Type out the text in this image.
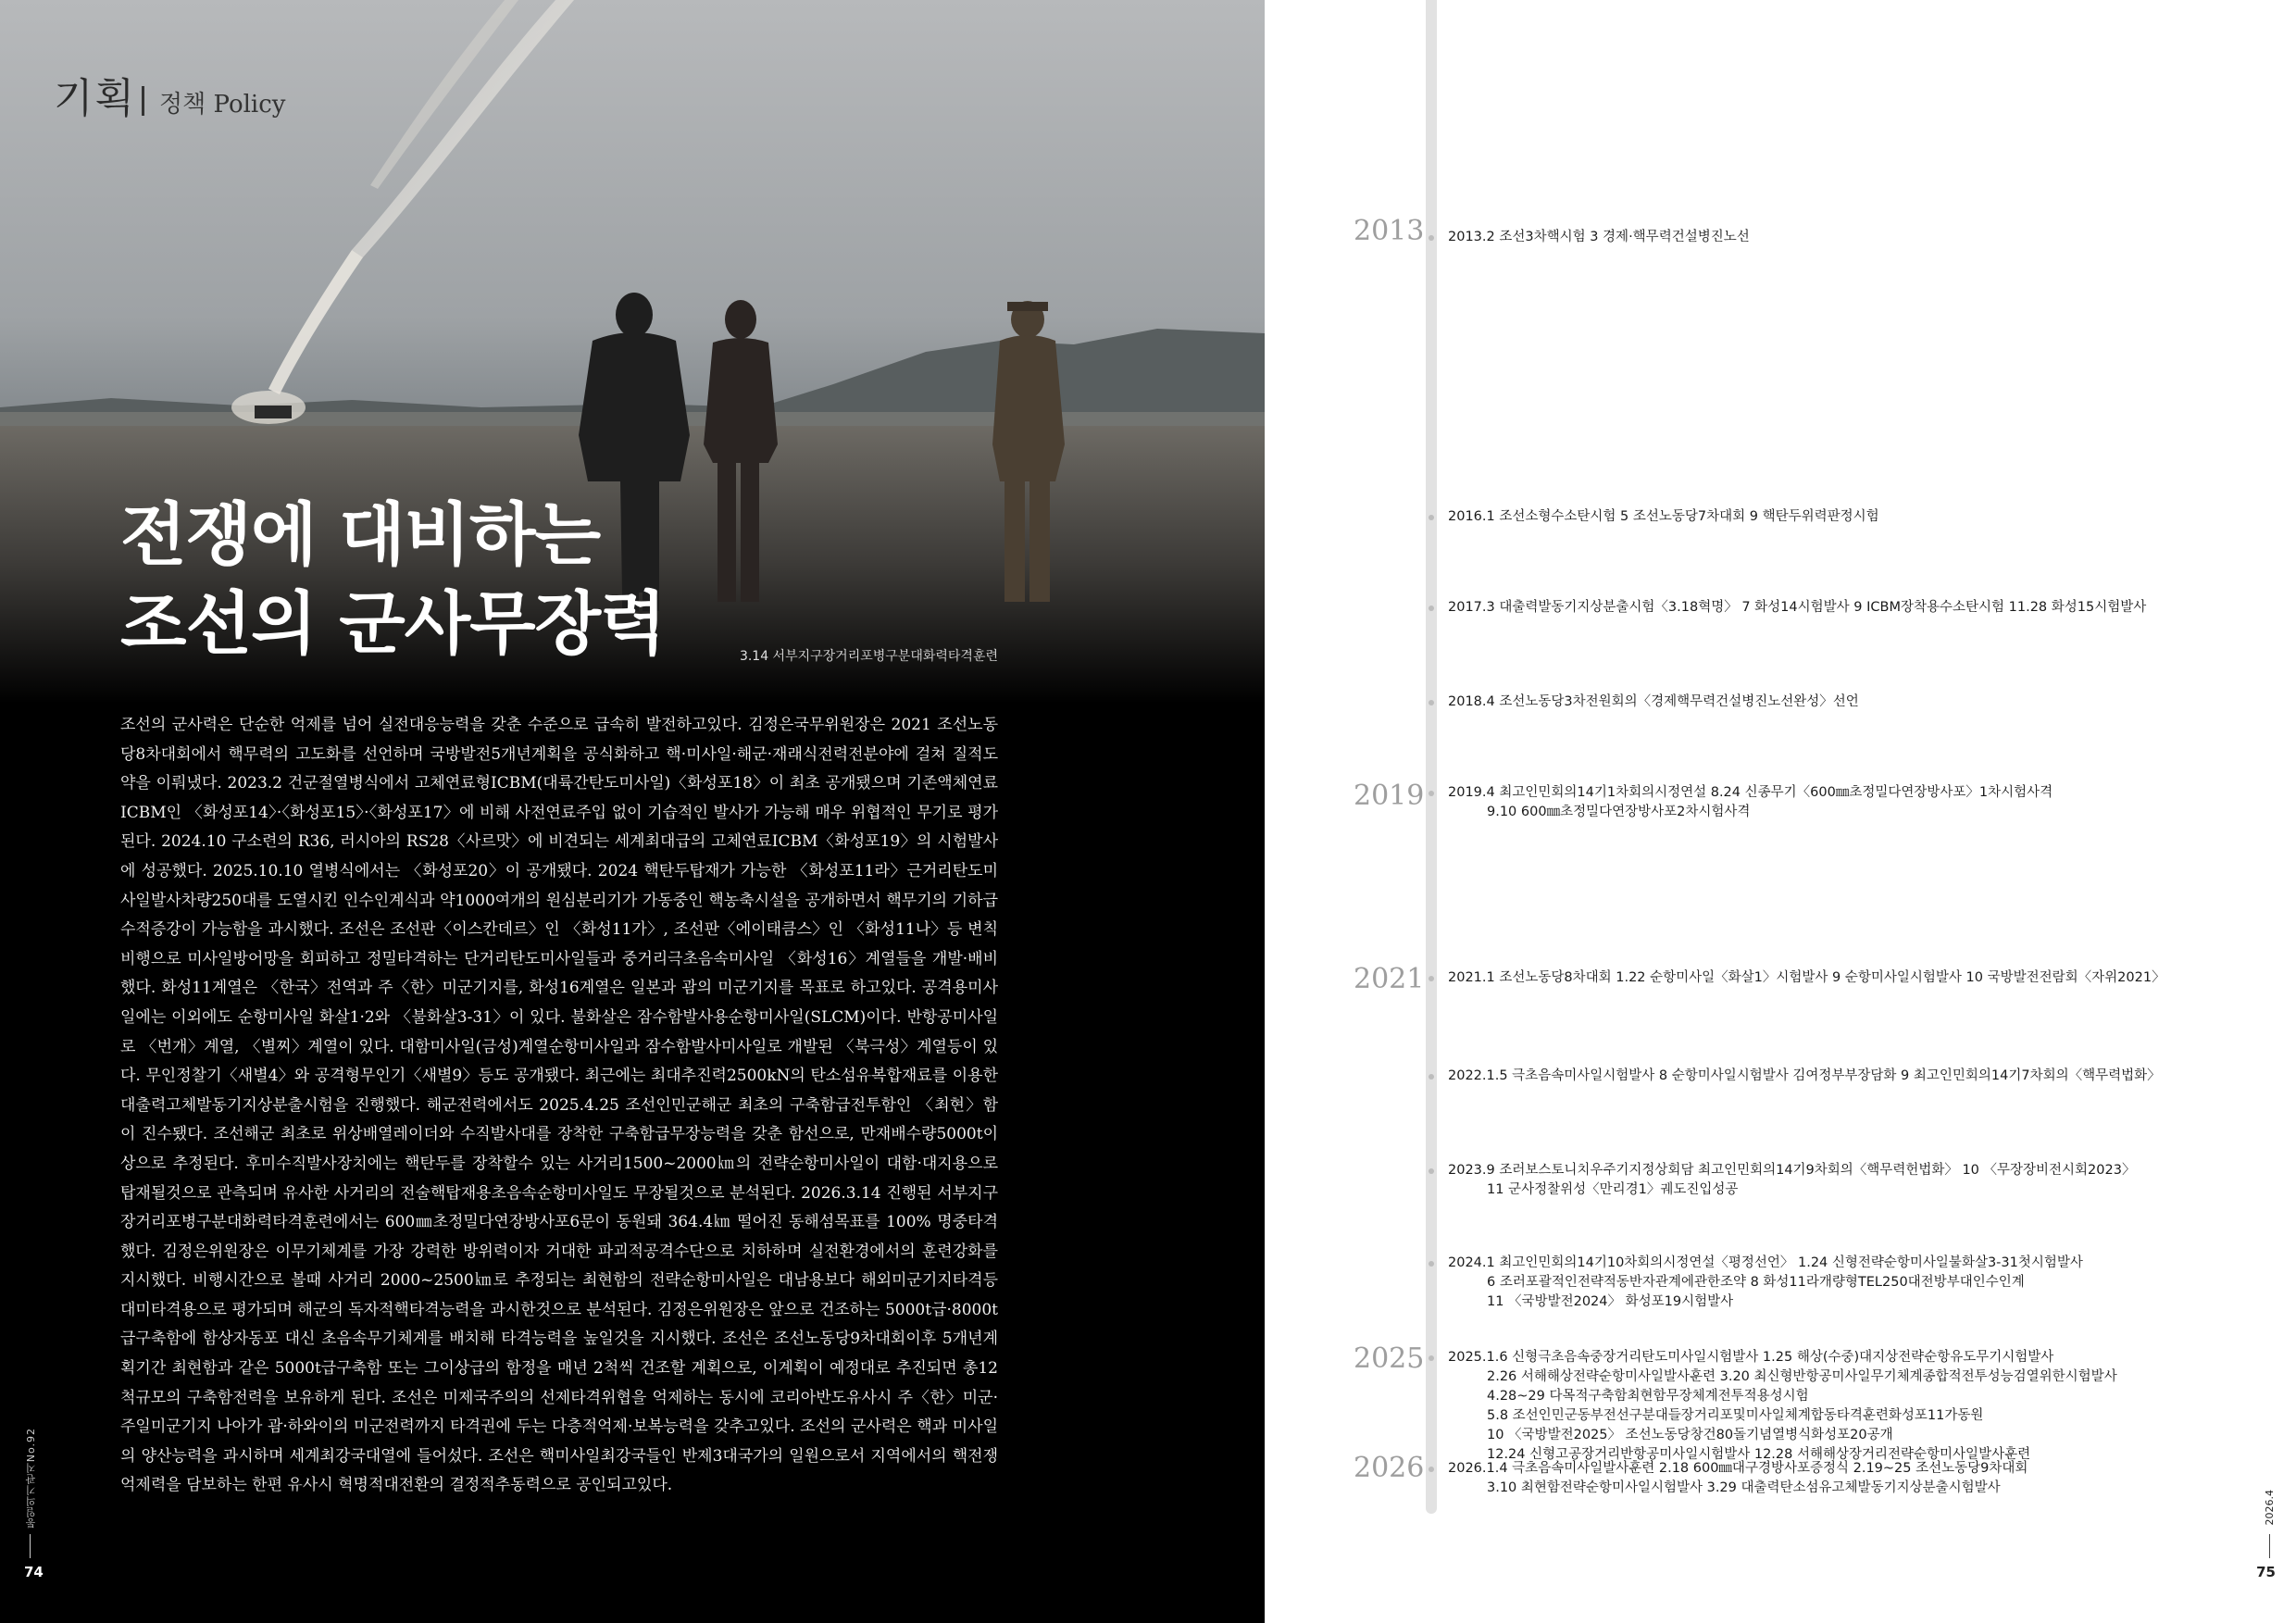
기획 정책 Policy
전쟁에 대비하는
조선의 군사무장력	3.14 서부지구장거리포병구분대화력타격훈련

조선의 군사력은 단순한 억제를 넘어 실전대응능력을 갖춘 수준으로 급속히 발전하고있다. 김정은국무위원장은 2021 조선노동당8차대회에서 핵무력의 고도화를 선언하며 국방발전5개년계획을 공식화하고 핵·미사일·해군·재래식전력전분야에 걸쳐 질적도약을 이뤄냈다. 2023.2 건군절열병식에서 고체연료형ICBM(대륙간탄도미사일)〈화성포18〉이 최초 공개됐으며 기존액체연료ICBM인 〈화성포14〉·〈화성포15〉·〈화성포17〉에 비해 사전연료주입 없이 기습적인 발사가 가능해 매우 위협적인 무기로 평가된다. 2024.10 구소련의 R36, 러시아의 RS28〈사르맛〉에 비견되는 세계최대급의 고체연료ICBM〈화성포19〉의 시험발사에 성공했다. 2025.10.10 열병식에서는 〈화성포20〉이 공개됐다. 2024 핵탄두탑재가 가능한 〈화성포11라〉근거리탄도미사일발사차량250대를 도열시킨 인수인계식과 약1000여개의 원심분리기가 가동중인 핵농축시설을 공개하면서 핵무기의 기하급수적증강이 가능함을 과시했다. 조선은 조선판〈이스칸데르〉인 〈화성11가〉, 조선판〈에이태큼스〉인 〈화성11나〉등 변칙비행으로 미사일방어망을 회피하고 정밀타격하는 단거리탄도미사일들과 중거리극초음속미사일 〈화성16〉계열들을 개발·배비했다. 화성11계열은 〈한국〉전역과 주〈한〉미군기지를, 화성16계열은 일본과 괌의 미군기지를 목표로 하고있다. 공격용미사일에는 이외에도 순항미사일 화살1·2와 〈불화살3-31〉이 있다. 불화살은 잠수함발사용순항미사일(SLCM)이다. 반항공미사일로 〈번개〉계열, 〈별찌〉계열이 있다. 대함미사일(금성)계열순항미사일과 잠수함발사미사일로 개발된 〈북극성〉계열등이 있다. 무인정찰기〈새별4〉와 공격형무인기〈새별9〉등도 공개됐다. 최근에는 최대추진력2500kN의 탄소섬유복합재료를 이용한 대출력고체발동기지상분출시험을 진행했다. 해군전력에서도 2025.4.25 조선인민군해군 최초의 구축함급전투함인 〈최현〉함이 진수됐다. 조선해군 최초로 위상배열레이더와 수직발사대를 장착한 구축함급무장능력을 갖춘 함선으로, 만재배수량5000t이상으로 추정된다. 후미수직발사장치에는 핵탄두를 장착할수 있는 사거리1500~2000㎞의 전략순항미사일이 대함·대지용으로 탑재될것으로 관측되며 유사한 사거리의 전술핵탑재용초음속순항미사일도 무장될것으로 분석된다. 2026.3.14 진행된 서부지구장거리포병구분대화력타격훈련에서는 600㎜초정밀다연장방사포6문이 동원돼 364.4㎞ 떨어진 동해섬목표를 100% 명중타격했다. 김정은위원장은 이무기체계를 가장 강력한 방위력이자 거대한 파괴적공격수단으로 치하하며 실전환경에서의 훈련강화를 지시했다. 비행시간으로 볼때 사거리 2000~2500㎞로 추정되는 최현함의 전략순항미사일은 대남용보다 해외미군기지타격등 대미타격용으로 평가되며 해군의 독자적핵타격능력을 과시한것으로 분석된다. 김정은위원장은 앞으로 건조하는 5000t급·8000t급구축함에 함상자동포 대신 초음속무기체계를 배치해 타격능력을 높일것을 지시했다. 조선은 조선노동당9차대회이후 5개년계획기간 최현함과 같은 5000t급구축함 또는 그이상급의 함정을 매년 2척씩 건조할 계획으로, 이계획이 예정대로 추진되면 총12척규모의 구축함전력을 보유하게 된다. 조선은 미제국주의의 선제타격위협을 억제하는 동시에 코리아반도유사시 주〈한〉미군·주일미군기지 나아가 괌·하와이의 미군전력까지 타격권에 두는 다층적억제·보복능력을 갖추고있다. 조선의 군사력은 핵과 미사일의 양산능력을 과시하며 세계최강국대열에 들어섰다. 조선은 핵미사일최강국들인 반제3대국가의 일원으로서 지역에서의 핵전쟁억제력을 담보하는 한편 유사시 혁명적대전환의 결정적추동력으로 공인되고있다.

통일의기관지No.92
74
2013 2013.2 조선3차핵시험 3 경제·핵무력건설병진노선
2016.1 조선소형수소탄시험 5 조선노동당7차대회 9 핵탄두위력판정시험
2017.3 대출력발동기지상분출시험〈3.18혁명〉 7 화성14시험발사 9 ICBM장착용수소탄시험 11.28 화성15시험발사
2018.4 조선노동당3차전원회의〈경제핵무력건설병진노선완성〉선언
2019 2019.4 최고인민회의14기1차회의시정연설 8.24 신종무기〈600㎜초정밀다연장방사포〉1차시험사격
9.10 600㎜초정밀다연장방사포2차시험사격
2021 2021.1 조선노동당8차대회 1.22 순항미사일〈화살1〉시험발사 9 순항미사일시험발사 10 국방발전전람회〈자위2021〉
2022.1.5 극초음속미사일시험발사 8 순항미사일시험발사 김여정부부장담화 9 최고인민회의14기7차회의〈핵무력법화〉
2023.9 조러보스토니치우주기지정상회담 최고인민회의14기9차회의〈핵무력헌법화〉 10 〈무장장비전시회2023〉
11 군사정찰위성〈만리경1〉궤도진입성공
2024.1 최고인민회의14기10차회의시정연설〈평정선언〉 1.24 신형전략순항미사일불화살3-31첫시험발사
6 조러포괄적인전략적동반자관계에관한조약 8 화성11라개량형TEL250대전방부대인수인계
11 〈국방발전2024〉 화성포19시험발사
2025 2025.1.6 신형극초음속중장거리탄도미사일시험발사 1.25 해상(수중)대지상전략순항유도무기시험발사
2.26 서해해상전략순항미사일발사훈련 3.20 최신형반항공미사일무기체계종합적전투성능검열위한시험발사
4.28~29 다목적구축함최현함무장체계전투적용성시험
5.8 조선인민군동부전선구분대들장거리포및미사일체계합동타격훈련화성포11가동원
10 〈국방발전2025〉 조선노동당창건80돌기념열병식화성포20공개
12.24 신형고공장거리반항공미사일시험발사 12.28 서해해상장거리전략순항미사일발사훈련
2026 2026.1.4 극초음속미사일발사훈련 2.18 600㎜대구경방사포증정식 2.19~25 조선노동당9차대회
3.10 최현함전략순항미사일시험발사 3.29 대출력탄소섬유고체발동기지상분출시험발사
2026.4
75
